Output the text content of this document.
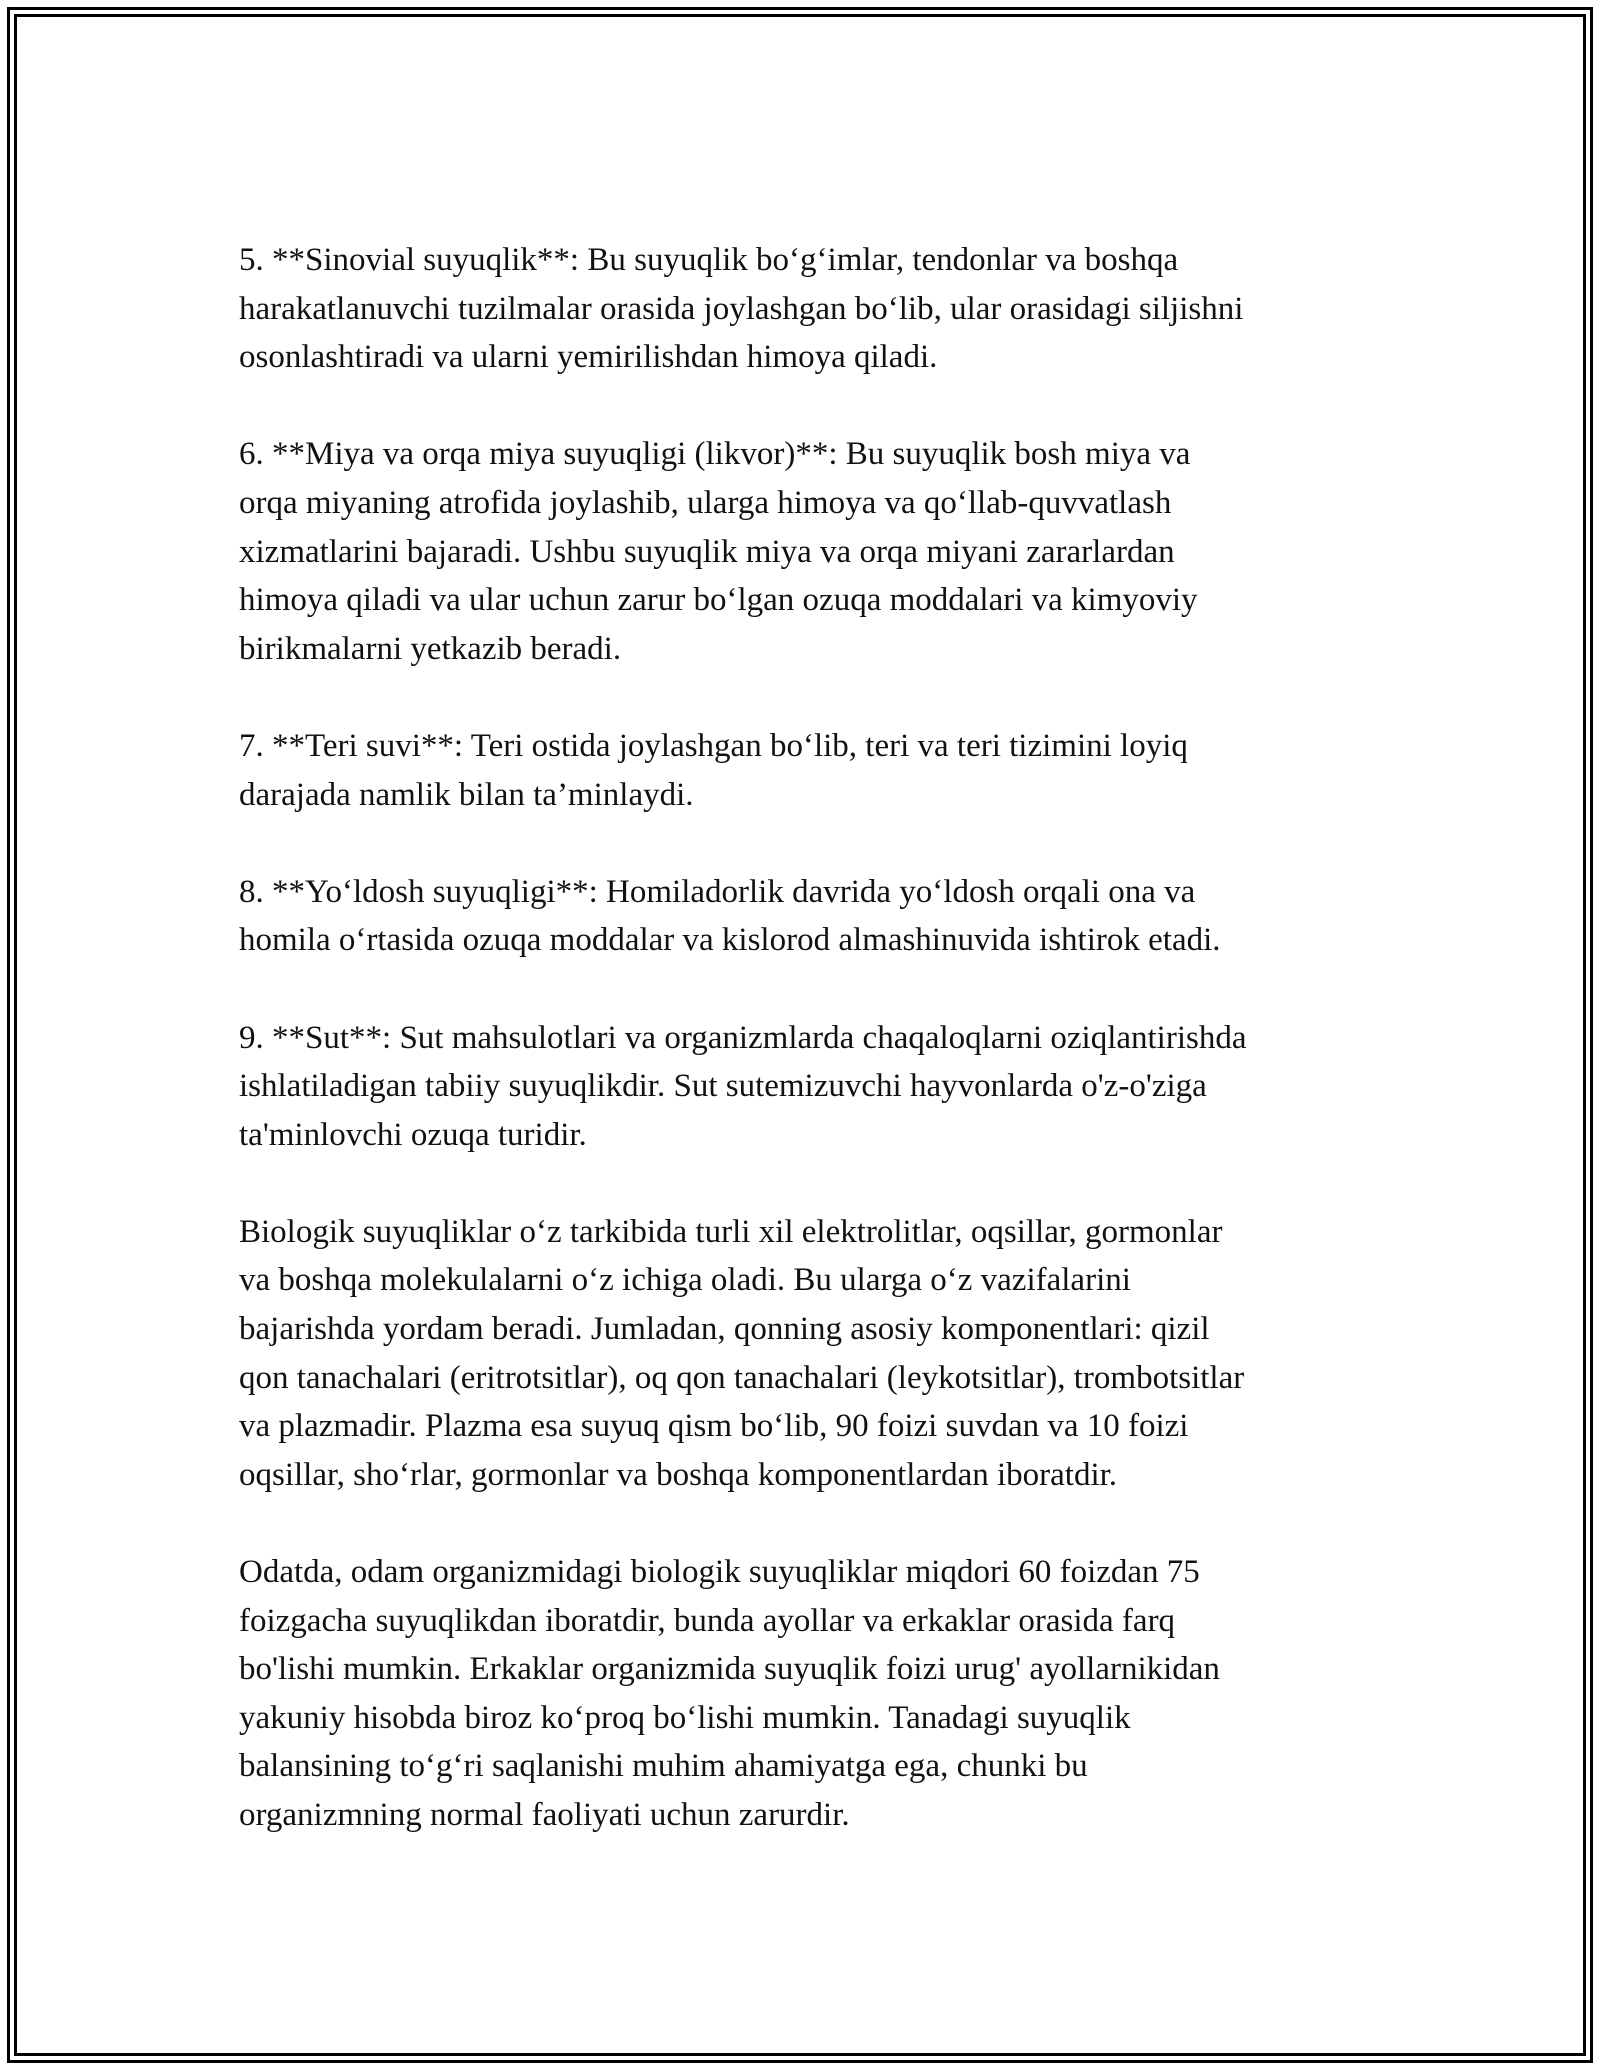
5. **Sinovial suyuqlik**: Bu suyuqlik bo‘g‘imlar, tendonlar va boshqa
harakatlanuvchi tuzilmalar orasida joylashgan bo‘lib, ular orasidagi siljishni
osonlashtiradi va ularni yemirilishdan himoya qiladi.

6. **Miya va orqa miya suyuqligi (likvor)**: Bu suyuqlik bosh miya va
orqa miyaning atrofida joylashib, ularga himoya va qo‘llab-quvvatlash
xizmatlarini bajaradi. Ushbu suyuqlik miya va orqa miyani zararlardan
himoya qiladi va ular uchun zarur bo‘lgan ozuqa moddalari va kimyoviy
birikmalarni yetkazib beradi.

7. **Teri suvi**: Teri ostida joylashgan bo‘lib, teri va teri tizimini loyiq
darajada namlik bilan ta’minlaydi.

8. **Yo‘ldosh suyuqligi**: Homiladorlik davrida yo‘ldosh orqali ona va
homila o‘rtasida ozuqa moddalar va kislorod almashinuvida ishtirok etadi.

9. **Sut**: Sut mahsulotlari va organizmlarda chaqaloqlarni oziqlantirishda
ishlatiladigan tabiiy suyuqlikdir. Sut sutemizuvchi hayvonlarda o'z-o'ziga
ta'minlovchi ozuqa turidir.

Biologik suyuqliklar o‘z tarkibida turli xil elektrolitlar, oqsillar, gormonlar
va boshqa molekulalarni o‘z ichiga oladi. Bu ularga o‘z vazifalarini
bajarishda yordam beradi. Jumladan, qonning asosiy komponentlari: qizil
qon tanachalari (eritrotsitlar), oq qon tanachalari (leykotsitlar), trombotsitlar
va plazmadir. Plazma esa suyuq qism bo‘lib, 90 foizi suvdan va 10 foizi
oqsillar, sho‘rlar, gormonlar va boshqa komponentlardan iboratdir.

Odatda, odam organizmidagi biologik suyuqliklar miqdori 60 foizdan 75
foizgacha suyuqlikdan iboratdir, bunda ayollar va erkaklar orasida farq
bo'lishi mumkin. Erkaklar organizmida suyuqlik foizi urug' ayollarnikidan
yakuniy hisobda biroz ko‘proq bo‘lishi mumkin. Tanadagi suyuqlik
balansining to‘g‘ri saqlanishi muhim ahamiyatga ega, chunki bu
organizmning normal faoliyati uchun zarurdir.
